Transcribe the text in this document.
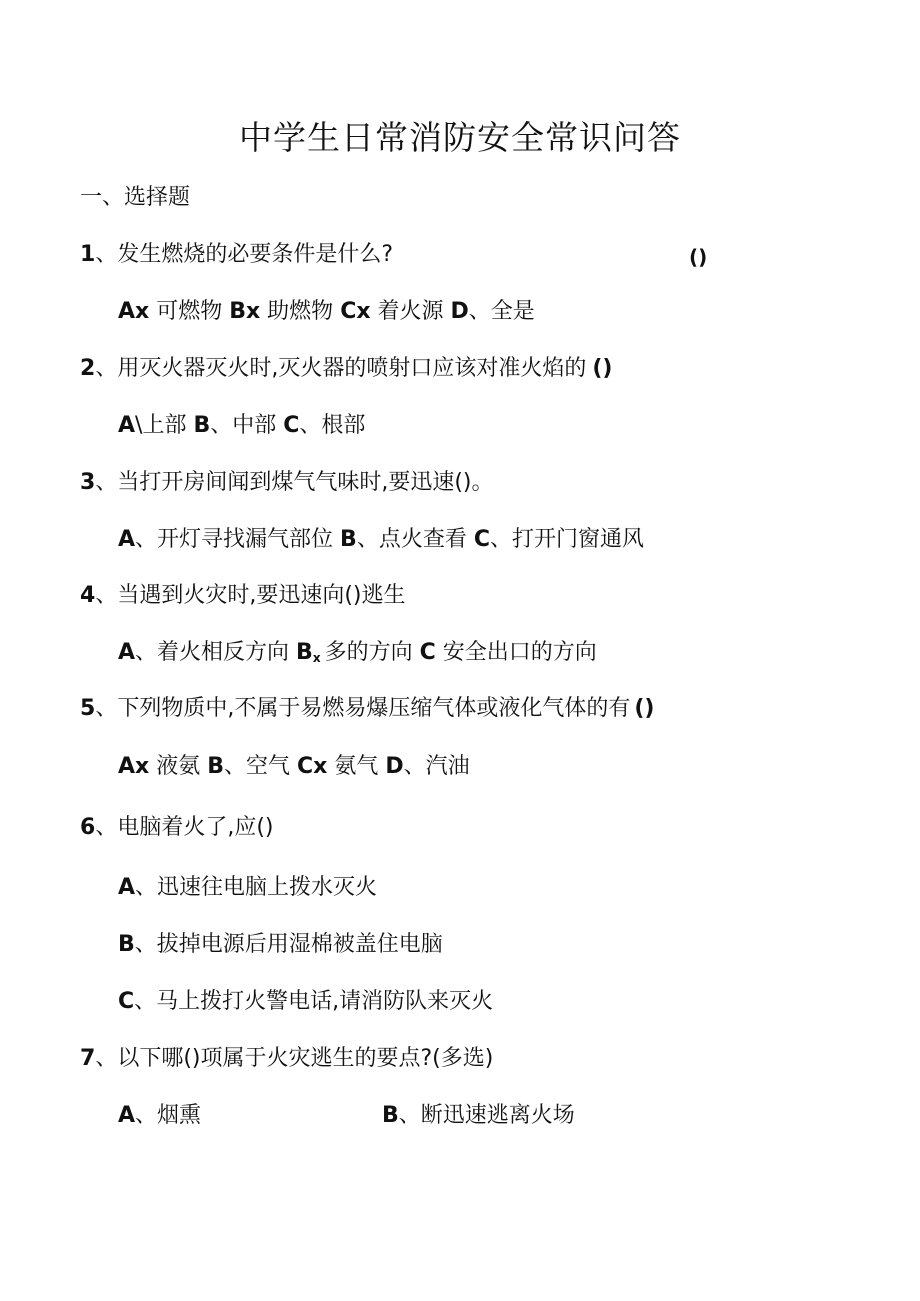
中学生日常消防安全常识问答
一、选择题
1、发生燃烧的必要条件是什么?	()
Ax 可燃物 Bx 助燃物 Cx 着火源 D、全是
2、用灭火器灭火时,灭火器的喷射口应该对准火焰的 ()
A\上部 B、中部 C、根部
3、当打开房间闻到煤气气味时,要迅速()。
A、开灯寻找漏气部位 B、点火查看 C、打开门窗通风
4、当遇到火灾时,要迅速向()逃生
A、着火相反方向 $B_x$ 多的方向 C 安全出口的方向
5、下列物质中,不属于易燃易爆压缩气体或液化气体的有 ()
Ax 液氨 B、空气 Cx 氨气 D、汽油
6、电脑着火了,应()
A、迅速往电脑上拨水灭火
B、拔掉电源后用湿棉被盖住电脑
C、马上拨打火警电话,请消防队来灭火
7、以下哪()项属于火灾逃生的要点?(多选)
A、烟熏	B、断迅速逃离火场
